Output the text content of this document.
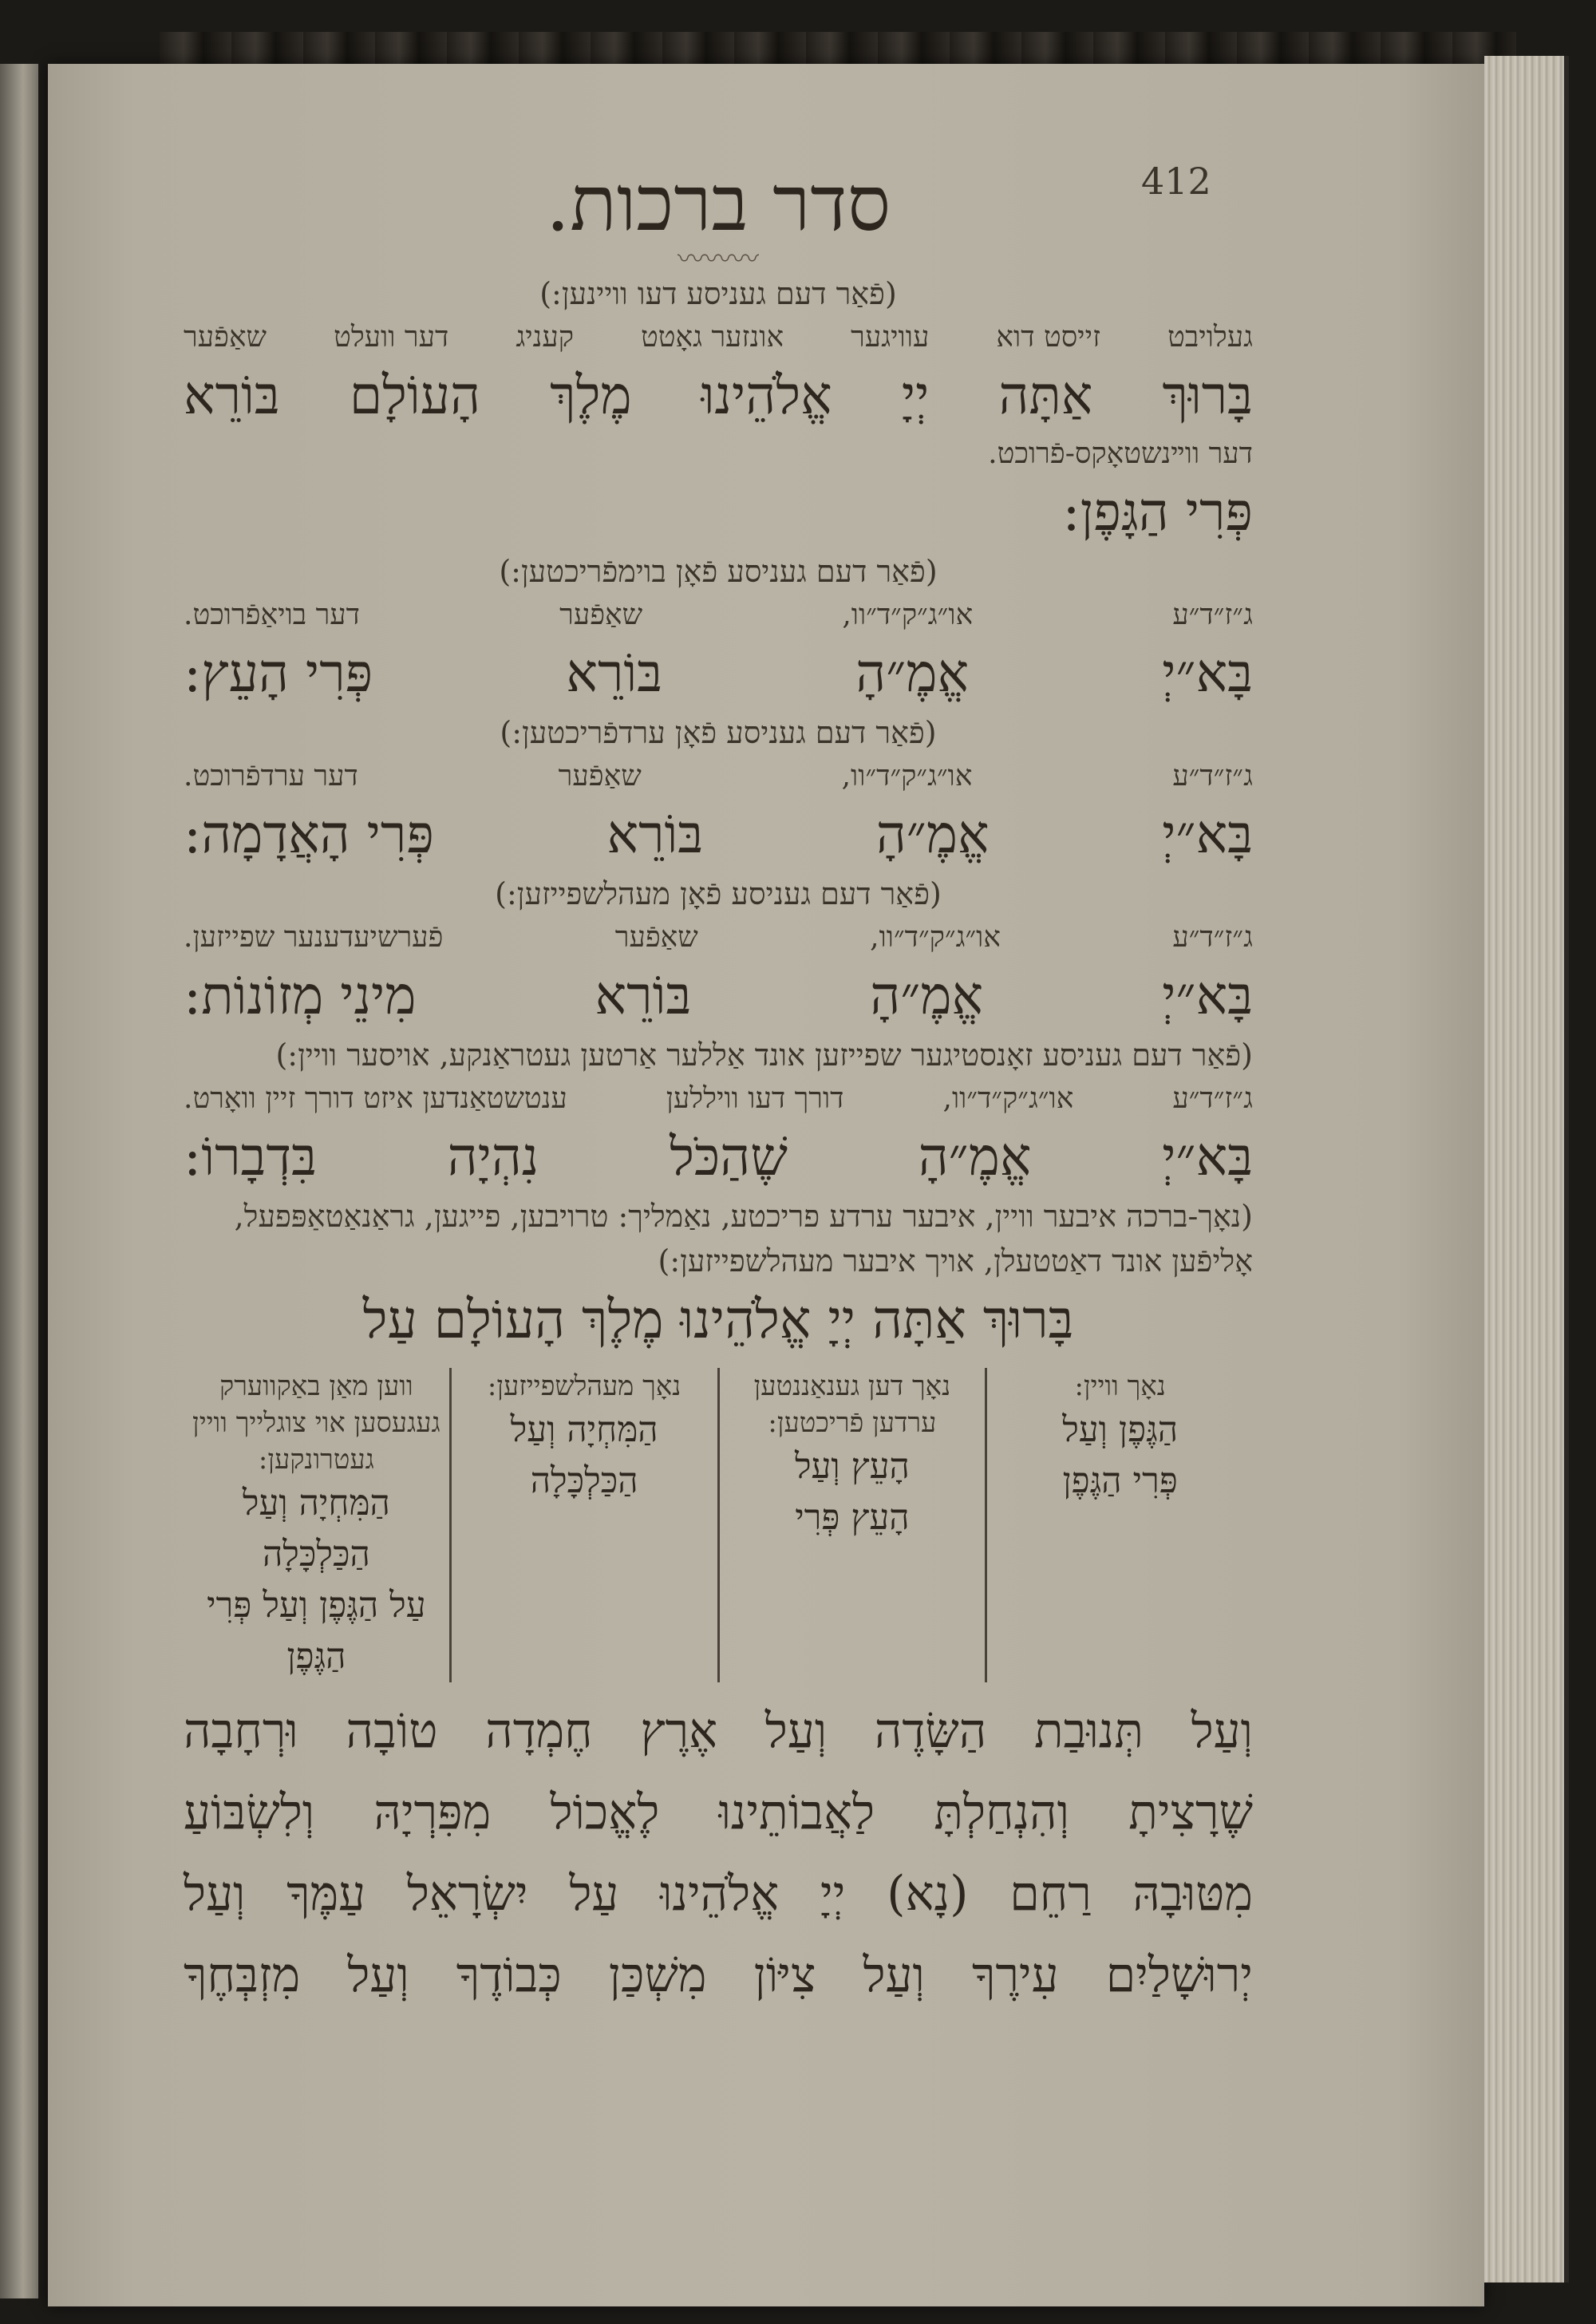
412
סדר ברכות.
〰〰〰
(פֿאַר דעם געניסע דעו וויינען:)
געלויבט
זייסט דוא
עוויגער
אונזער גאָטט
קעניג
דער וועלט
שאַפֿער
בָּרוּךְ
אַתָּה
יְיָ
אֱלֹהֵינוּ
מֶלֶךְ
הָעוֹלָם
בּוֹרֵא
דער ווײנשטאָקס‑פֿרוכט.
פְּרִי הַגָּפֶן:
(פֿאַר דעם געניסע פֿאָן בוימפֿריכטען:)
ג״ז״ד״ע
או״ג״ק״ד״וו,
שאַפֿער
דער בויאַפֿרוכט.
בָּא״יְ
אֱמֶ״הָ
בּוֹרֵא
פְּרִי הָעֵץ:
(פֿאַר דעם געניסע פֿאָן ערדפֿריכטען:)
ג״ז״ד״ע
או״ג״ק״ד״וו,
שאַפֿער
דער ערדפֿרוכט.
בָּא״יְ
אֱמֶ״הָ
בּוֹרֵא
פְּרִי הָאֲדָמָה:
(פֿאַר דעם געניסע פֿאָן מעהלשפייזען:)
ג״ז״ד״ע
או״ג״ק״ד״וו,
שאַפֿער
פֿערשיעדענער שפייזען.
בָּא״יְ
אֱמֶ״הָ
בּוֹרֵא
מִינֵי מְזוֹנוֹת:
(פֿאַר דעם געניסע זאָנסטיגער שפייזען אונד אַללער אַרטען געטראַנקע, אויסער וויין:)
ג״ז״ד״ע
או״ג״ק״ד״וו,
דורך דעו וויללען
ענטשטאַנדען איזט דורך זיין וואָרט.
בָּא״יְ
אֱמֶ״הָ
שֶׁהַכֹּל
נִהְיָה
בִּדְבָרוֹ:
(נאָך‑ברכה איבער וויין, איבער ערדע פריכטע, נאַמליך: טרויבען, פייגען, גראַנאַטאַפּפעל, אָליפֿען אונד דאַטטעלן, אויך איבער מעהלשפייזען:)
בָּרוּךְ אַתָּה יְיָ אֱלֹהֵינוּ מֶלֶךְ הָעוֹלָם עַל
נאָך וויין:
הַגֶּפֶן וְעַל
פְּרִי הַגֶּפֶן
נאָך דען גענאַננטען ערדען פֿריכטען:
הָעֵץ וְעַל
הָעֵץ פְּרִי
נאָך מעהלשפייזען:
הַמִּחְיָה וְעַל
הַכַּלְכָּלָה
ווען מאַן באַקווערק געגעסען אוי צוגלייך וויין געטרונקען:
הַמִּחְיָה וְעַל הַכַּלְכָּלָה
עַל הַגֶּפֶן וְעַל פְּרִי הַגֶּפֶן
וְעַל תְּנוּבַת הַשָּׂדֶה וְעַל אֶרֶץ חֶמְדָה טוֹבָה וּרְחָבָה
שֶׁרָצִיתָ וְהִנְחַלְתָּ לַאֲבוֹתֵינוּ לֶאֱכוֹל מִפִּרְיָהּ וְלִשְׂבּוֹעַ
מִטּוּבָהּ רַחֵם (נָא) יְיָ אֱלֹהֵינוּ עַל יִשְׂרָאֵל עַמֶּךָ וְעַל
יְרוּשָׁלַיִם עִירֶךָ וְעַל צִיּוֹן מִשְׁכַּן כְּבוֹדֶךָ וְעַל מִזְבְּחֶךָ
